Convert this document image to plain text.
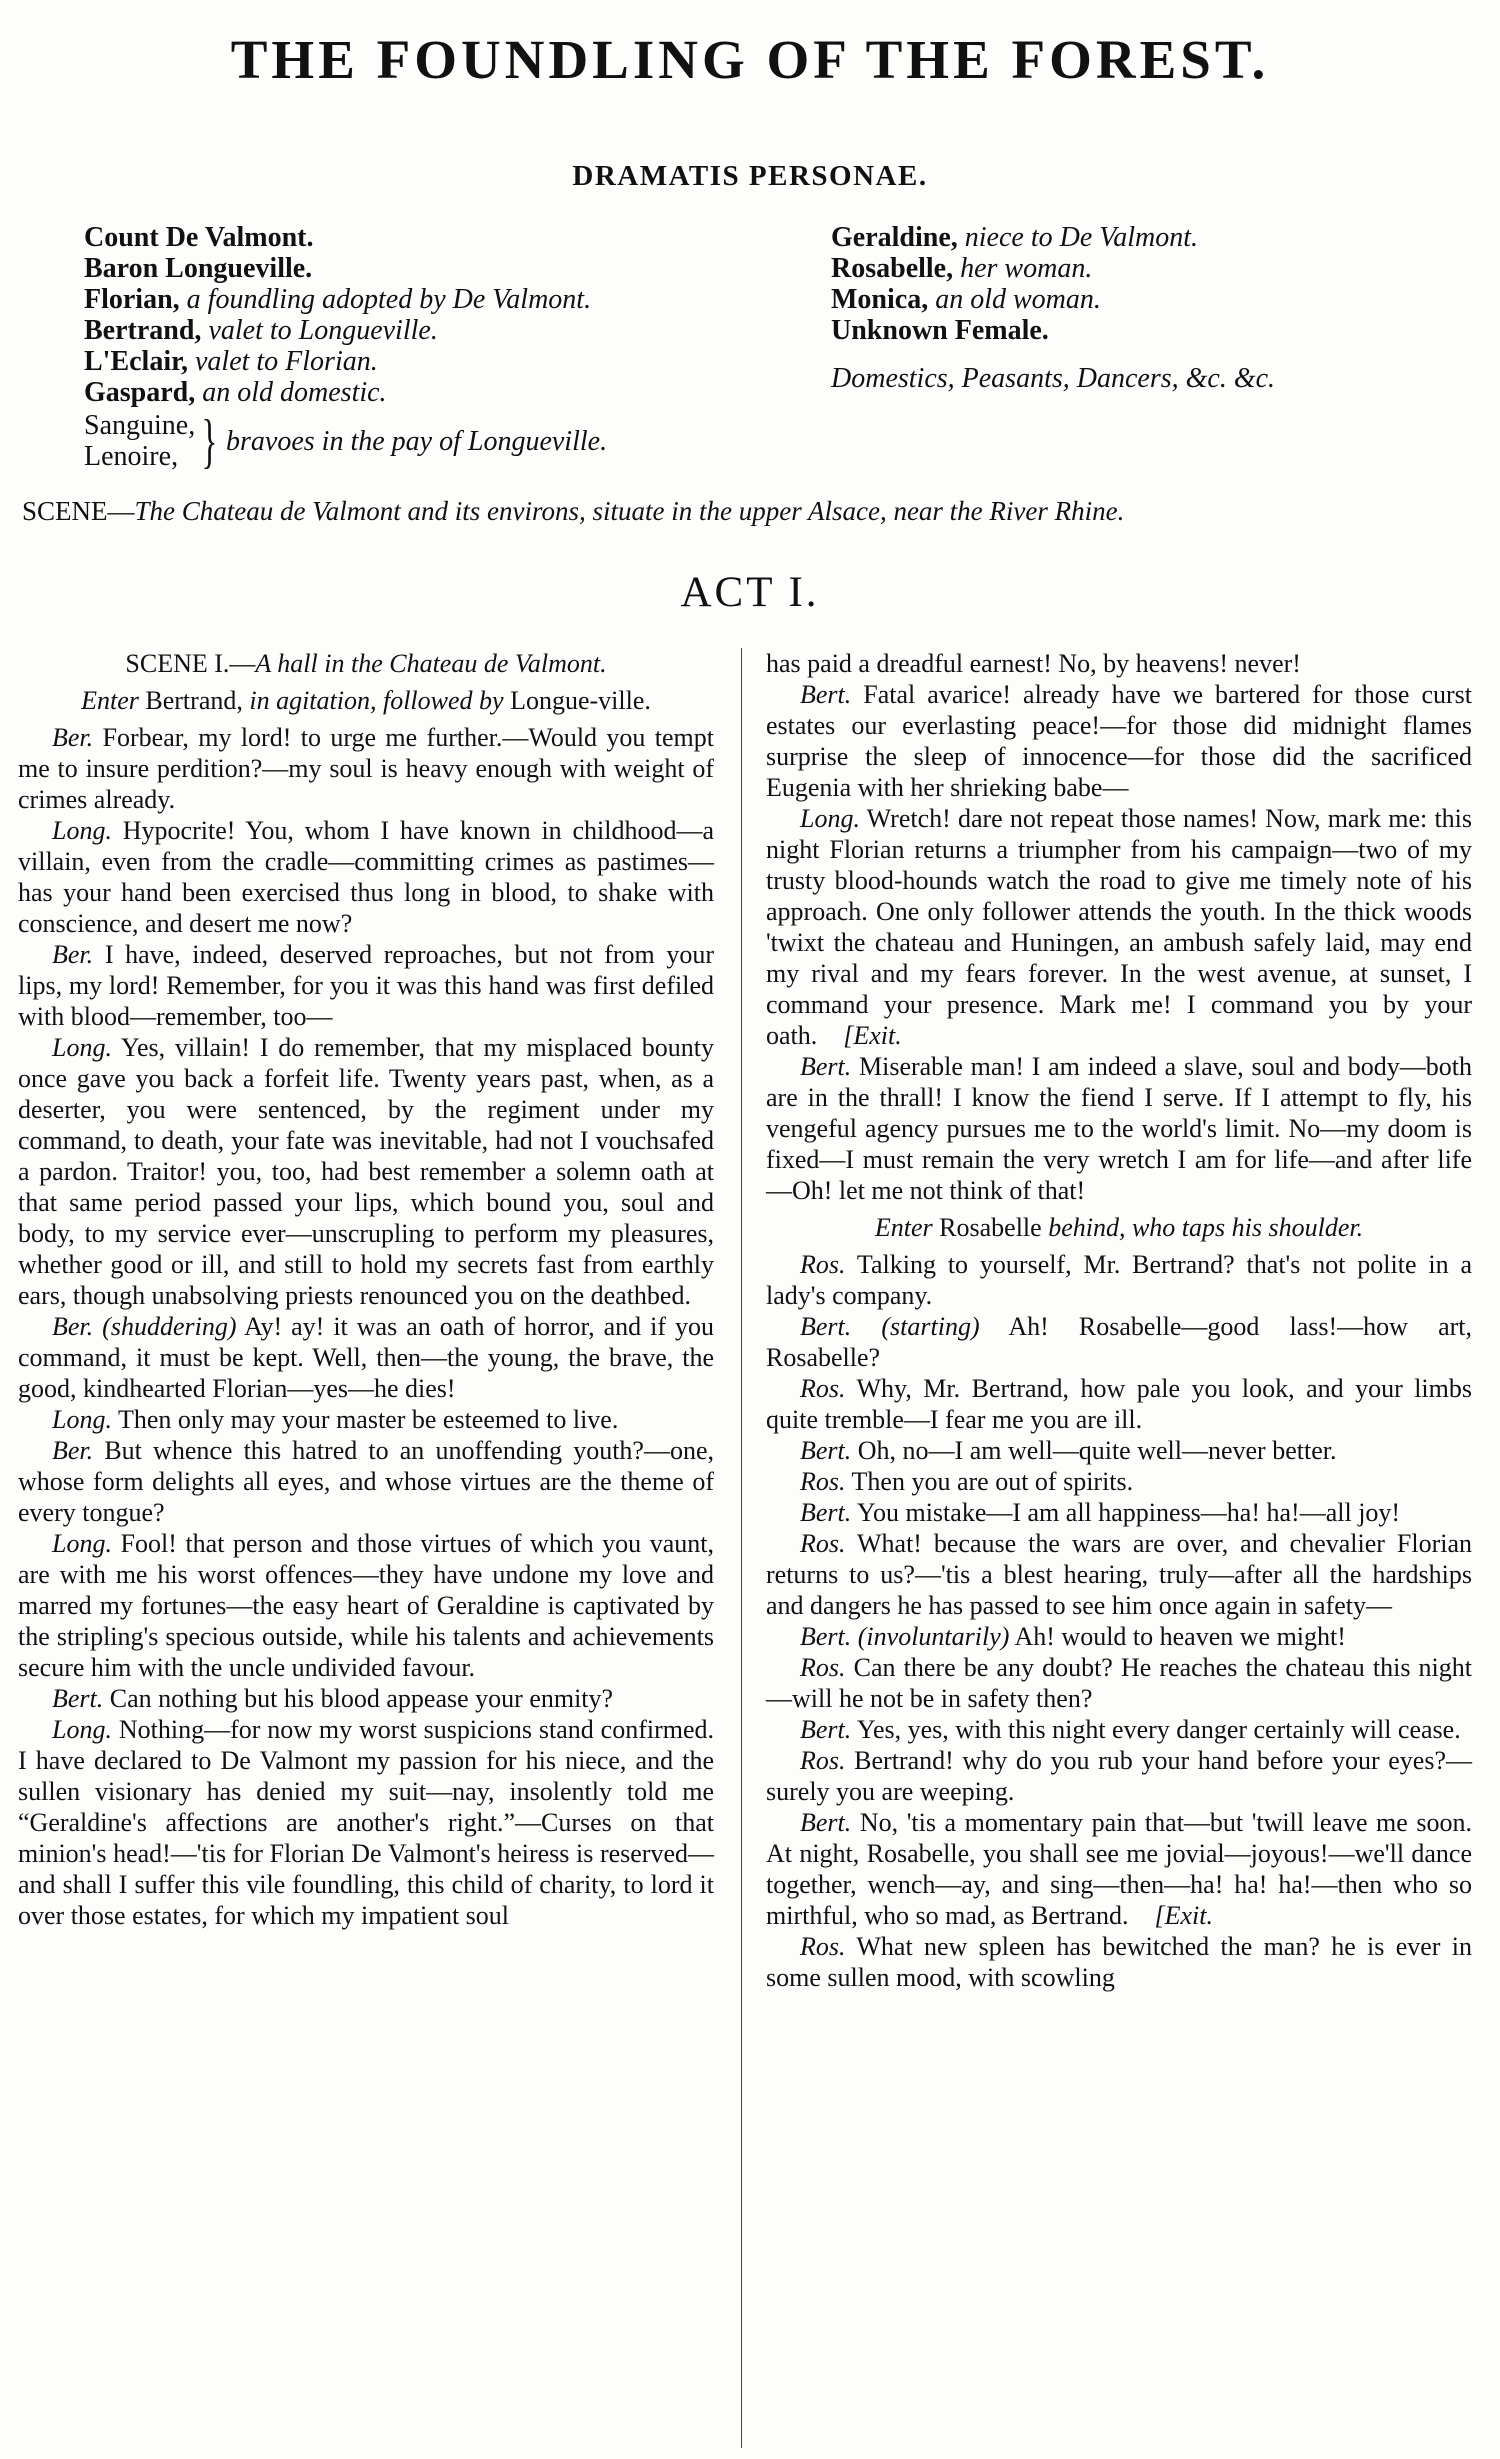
THE FOUNDLING OF THE FOREST.
DRAMATIS PERSONAE.
Count De Valmont.
Baron Longueville.
Florian, a foundling adopted by De Valmont.
Bertrand, valet to Longueville.
L'Eclair, valet to Florian.
Gaspard, an old domestic.
Sanguine,
Lenoire, } bravoes in the pay of Longueville.
Geraldine, niece to De Valmont.
Rosabelle, her woman.
Monica, an old woman.
Unknown Female.
Domestics, Peasants, Dancers, &c. &c.
SCENE—The Chateau de Valmont and its environs, situate in the upper Alsace, near the River Rhine.
ACT I.
SCENE I.—A hall in the Chateau de Valmont.
Enter Bertrand, in agitation, followed by Longue-ville.

Ber. Forbear, my lord! to urge me further.—Would you tempt me to insure perdition?—my soul is heavy enough with weight of crimes already.

Long. Hypocrite! You, whom I have known in childhood—a villain, even from the cradle—committing crimes as pastimes—has your hand been exercised thus long in blood, to shake with conscience, and desert me now?

Ber. I have, indeed, deserved reproaches, but not from your lips, my lord! Remember, for you it was this hand was first defiled with blood—remember, too—

Long. Yes, villain! I do remember, that my misplaced bounty once gave you back a forfeit life. Twenty years past, when, as a deserter, you were sentenced, by the regiment under my command, to death, your fate was inevitable, had not I vouchsafed a pardon. Traitor! you, too, had best remember a solemn oath at that same period passed your lips, which bound you, soul and body, to my service ever—unscrupling to perform my pleasures, whether good or ill, and still to hold my secrets fast from earthly ears, though unabsolving priests renounced you on the deathbed.

Ber. (shuddering) Ay! ay! it was an oath of horror, and if you command, it must be kept. Well, then—the young, the brave, the good, kindhearted Florian—yes—he dies!

Long. Then only may your master be esteemed to live.

Ber. But whence this hatred to an unoffending youth?—one, whose form delights all eyes, and whose virtues are the theme of every tongue?

Long. Fool! that person and those virtues of which you vaunt, are with me his worst offences—they have undone my love and marred my fortunes—the easy heart of Geraldine is captivated by the stripling's specious outside, while his talents and achievements secure him with the uncle undivided favour.

Bert. Can nothing but his blood appease your enmity?

Long. Nothing—for now my worst suspicions stand confirmed. I have declared to De Valmont my passion for his niece, and the sullen visionary has denied my suit—nay, insolently told me “Geraldine's affections are another's right.”—Curses on that minion's head!—'tis for Florian De Valmont's heiress is reserved—and shall I suffer this vile foundling, this child of charity, to lord it over those estates, for which my impatient soul

has paid a dreadful earnest! No, by heavens! never!

Bert. Fatal avarice! already have we bartered for those curst estates our everlasting peace!—for those did midnight flames surprise the sleep of innocence—for those did the sacrificed Eugenia with her shrieking babe—

Long. Wretch! dare not repeat those names! Now, mark me: this night Florian returns a triumpher from his campaign—two of my trusty blood-hounds watch the road to give me timely note of his approach. One only follower attends the youth. In the thick woods 'twixt the chateau and Huningen, an ambush safely laid, may end my rival and my fears forever. In the west avenue, at sunset, I command your presence. Mark me! I command you by your oath.  [Exit.

Bert. Miserable man! I am indeed a slave, soul and body—both are in the thrall! I know the fiend I serve. If I attempt to fly, his vengeful agency pursues me to the world's limit. No—my doom is fixed—I must remain the very wretch I am for life—and after life—Oh! let me not think of that!

Enter Rosabelle behind, who taps his shoulder.

Ros. Talking to yourself, Mr. Bertrand? that's not polite in a lady's company.

Bert. (starting) Ah! Rosabelle—good lass!—how art, Rosabelle?

Ros. Why, Mr. Bertrand, how pale you look, and your limbs quite tremble—I fear me you are ill.

Bert. Oh, no—I am well—quite well—never better.

Ros. Then you are out of spirits.

Bert. You mistake—I am all happiness—ha! ha!—all joy!

Ros. What! because the wars are over, and chevalier Florian returns to us?—'tis a blest hearing, truly—after all the hardships and dangers he has passed to see him once again in safety—

Bert. (involuntarily) Ah! would to heaven we might!

Ros. Can there be any doubt? He reaches the chateau this night—will he not be in safety then?

Bert. Yes, yes, with this night every danger certainly will cease.

Ros. Bertrand! why do you rub your hand before your eyes?—surely you are weeping.

Bert. No, 'tis a momentary pain that—but 'twill leave me soon. At night, Rosabelle, you shall see me jovial—joyous!—we'll dance together, wench—ay, and sing—then—ha! ha! ha!—then who so mirthful, who so mad, as Bertrand.  [Exit.

Ros. What new spleen has bewitched the man? he is ever in some sullen mood, with scowling
